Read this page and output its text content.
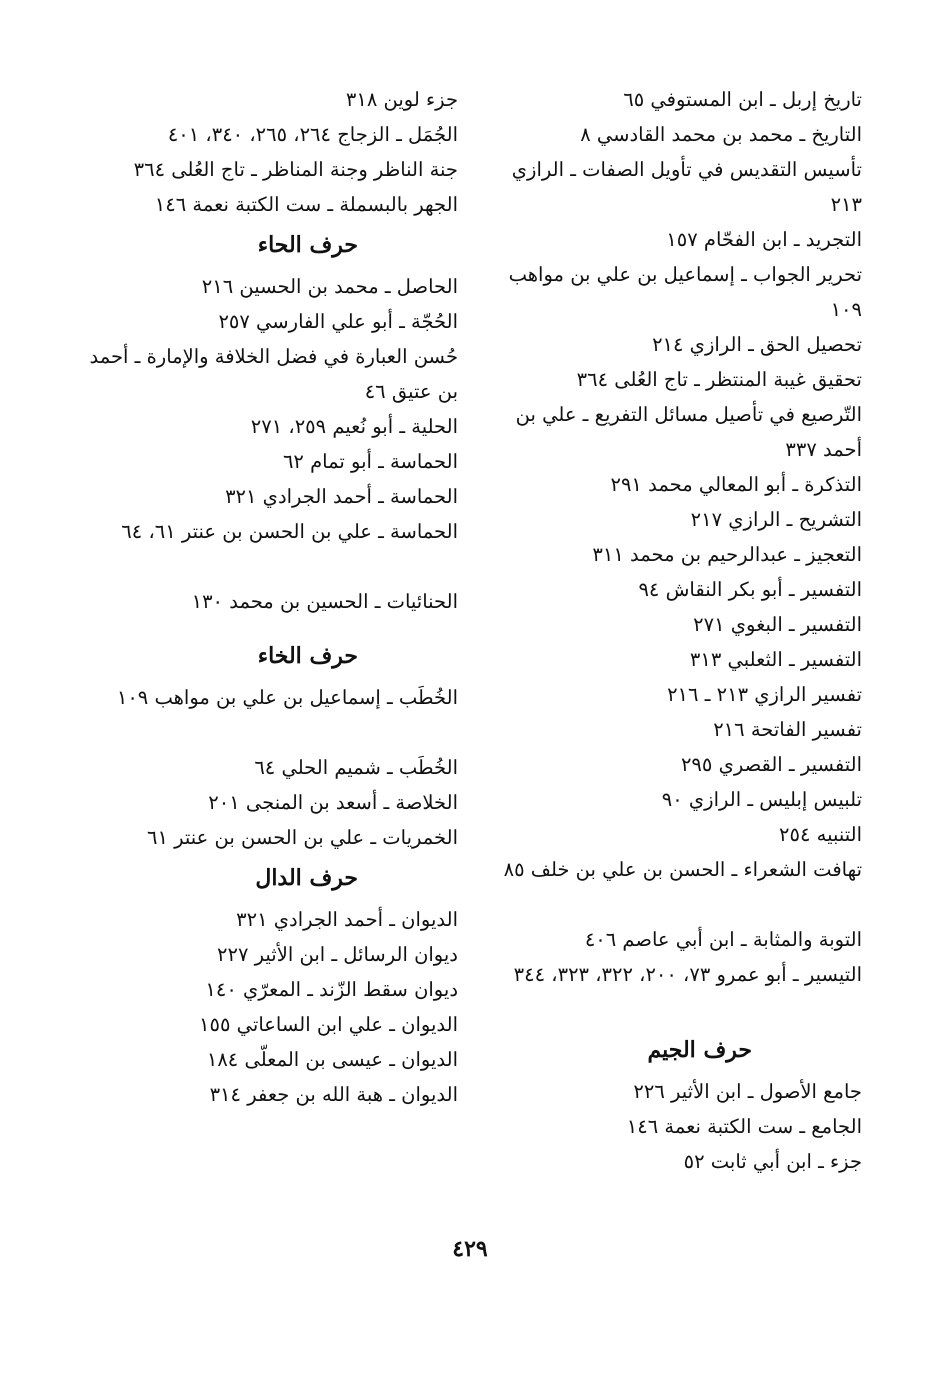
تاريخ إربل ـ ابن المستوفي ٦٥
التاريخ ـ محمد بن محمد القادسي ٨
تأسيس التقديس في تأويل الصفات ـ الرازي ٢١٣
التجريد ـ ابن الفحّام ١٥٧
تحرير الجواب ـ إسماعيل بن علي بن مواهب ١٠٩
تحصيل الحق ـ الرازي ٢١٤
تحقيق غيبة المنتظر ـ تاج العُلى ٣٦٤
التّرصيع في تأصيل مسائل التفريع ـ علي بن أحمد ٣٣٧
التذكرة ـ أبو المعالي محمد ٢٩١
التشريح ـ الرازي ٢١٧
التعجيز ـ عبدالرحيم بن محمد ٣١١
التفسير ـ أبو بكر النقاش ٩٤
التفسير ـ البغوي ٢٧١
التفسير ـ الثعلبي ٣١٣
تفسير الرازي ٢١٣ ـ ٢١٦
تفسير الفاتحة ٢١٦
التفسير ـ القصري ٢٩٥
تلبيس إبليس ـ الرازي ٩٠
التنبيه ٢٥٤
تهافت الشعراء ـ الحسن بن علي بن خلف ٨٥
التوبة والمثابة ـ ابن أبي عاصم ٤٠٦
التيسير ـ أبو عمرو ٧٣، ٢٠٠، ٣٢٢، ٣٢٣، ٣٤٤
حرف الجيم
جامع الأصول ـ ابن الأثير ٢٢٦
الجامع ـ ست الكتبة نعمة ١٤٦
جزء ـ ابن أبي ثابت ٥٢
جزء لوين ٣١٨
الجُمَل ـ الزجاج ٢٦٤، ٢٦٥، ٣٤٠، ٤٠١
جنة الناظر وجنة المناظر ـ تاج العُلى ٣٦٤
الجهر بالبسملة ـ ست الكتبة نعمة ١٤٦
حرف الحاء
الحاصل ـ محمد بن الحسين ٢١٦
الحُجّة ـ أبو علي الفارسي ٢٥٧
حُسن العبارة في فضل الخلافة والإمارة ـ أحمد بن عتيق ٤٦
الحلية ـ أبو نُعيم ٢٥٩، ٢٧١
الحماسة ـ أبو تمام ٦٢
الحماسة ـ أحمد الجرادي ٣٢١
الحماسة ـ علي بن الحسن بن عنتر ٦١، ٦٤
الحنائيات ـ الحسين بن محمد ١٣٠
حرف الخاء
الخُطَب ـ إسماعيل بن علي بن مواهب ١٠٩
الخُطَب ـ شميم الحلي ٦٤
الخلاصة ـ أسعد بن المنجى ٢٠١
الخمريات ـ علي بن الحسن بن عنتر ٦١
حرف الدال
الديوان ـ أحمد الجرادي ٣٢١
ديوان الرسائل ـ ابن الأثير ٢٢٧
ديوان سقط الزّند ـ المعرّي ١٤٠
الديوان ـ علي ابن الساعاتي ١٥٥
الديوان ـ عيسى بن المعلّى ١٨٤
الديوان ـ هبة الله بن جعفر ٣١٤
٤٢٩
